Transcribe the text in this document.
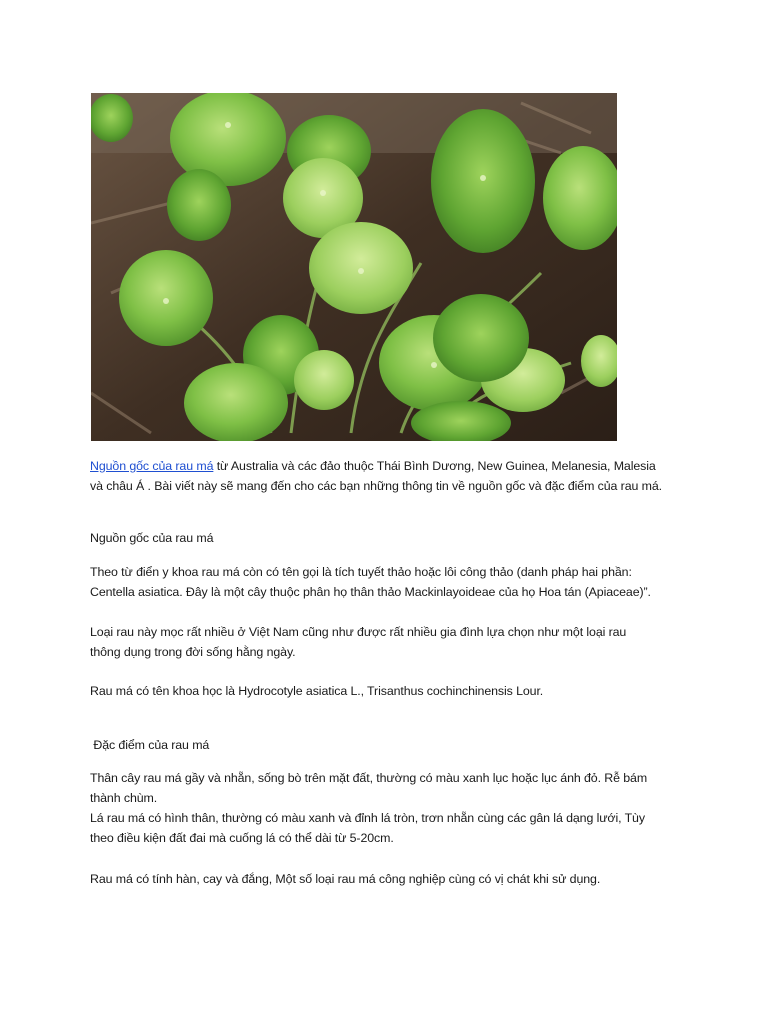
Nguồn gốc của rau má từ Australia và các đảo thuộc Thái Bình Dương, New Guinea, Melanesia, Malesia

và châu Á . Bài viết này sẽ mang đến cho các bạn những thông tin về nguồn gốc và đặc điểm của rau má.

Nguồn gốc của rau má

Theo từ điển y khoa rau má còn có tên gọi là tích tuyết thảo hoặc lôi công thảo (danh pháp hai phần:

Centella asiatica. Đây là một cây thuộc phân họ thân thảo Mackinlayoideae của họ Hoa tán (Apiaceae)”.

Loại rau này mọc rất nhiều ở Việt Nam cũng như được rất nhiều gia đình lựa chọn như một loại rau

thông dụng trong đời sống hằng ngày.

Rau má có tên khoa học là Hydrocotyle asiatica L., Trisanthus cochinchinensis Lour.

Đặc điểm của rau má

Thân cây rau má gầy và nhẵn, sống bò trên mặt đất, thường có màu xanh lục hoặc lục ánh đỏ. Rễ bám

thành chùm.

Lá rau má có hình thân, thường có màu xanh và đỉnh lá tròn, trơn nhẵn cùng các gân lá dạng lưới, Tùy

theo điều kiện đất đai mà cuống lá có thể dài từ 5-20cm.

Rau má có tính hàn, cay và đắng, Một số loại rau má công nghiệp cùng có vị chát khi sử dụng.
